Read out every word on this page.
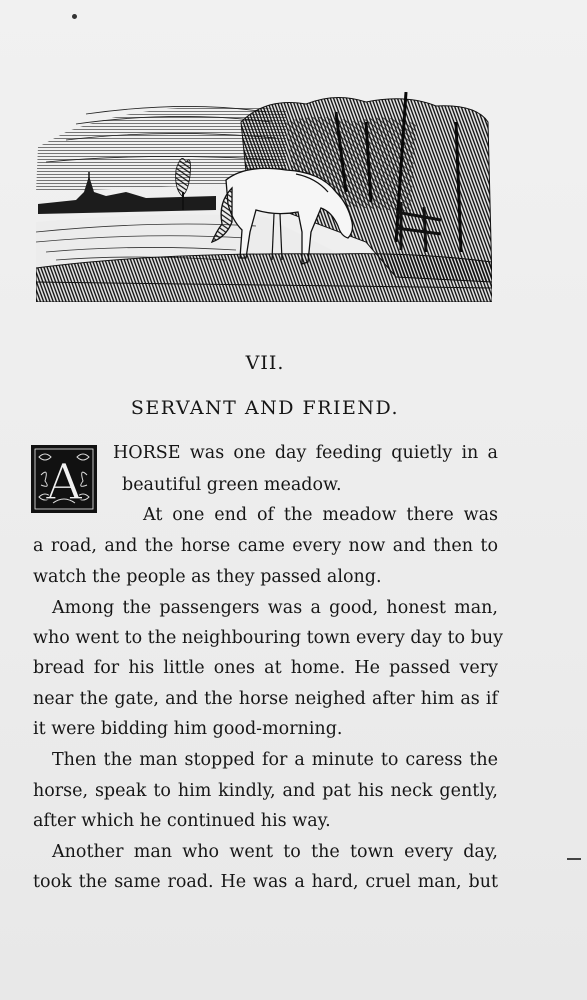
VII.
SERVANT AND FRIEND.
A HORSE was one day feeding quietly in a
beautiful green meadow.
At one end of the meadow there was
a road, and the horse came every now and then to
watch the people as they passed along.
Among the passengers was a good, honest man,
who went to the neighbouring town every day to buy
bread for his little ones at home. He passed very
near the gate, and the horse neighed after him as if
it were bidding him good-morning.
Then the man stopped for a minute to caress the
horse, speak to him kindly, and pat his neck gently,
after which he continued his way.
Another man who went to the town every day,
took the same road. He was a hard, cruel man, but
